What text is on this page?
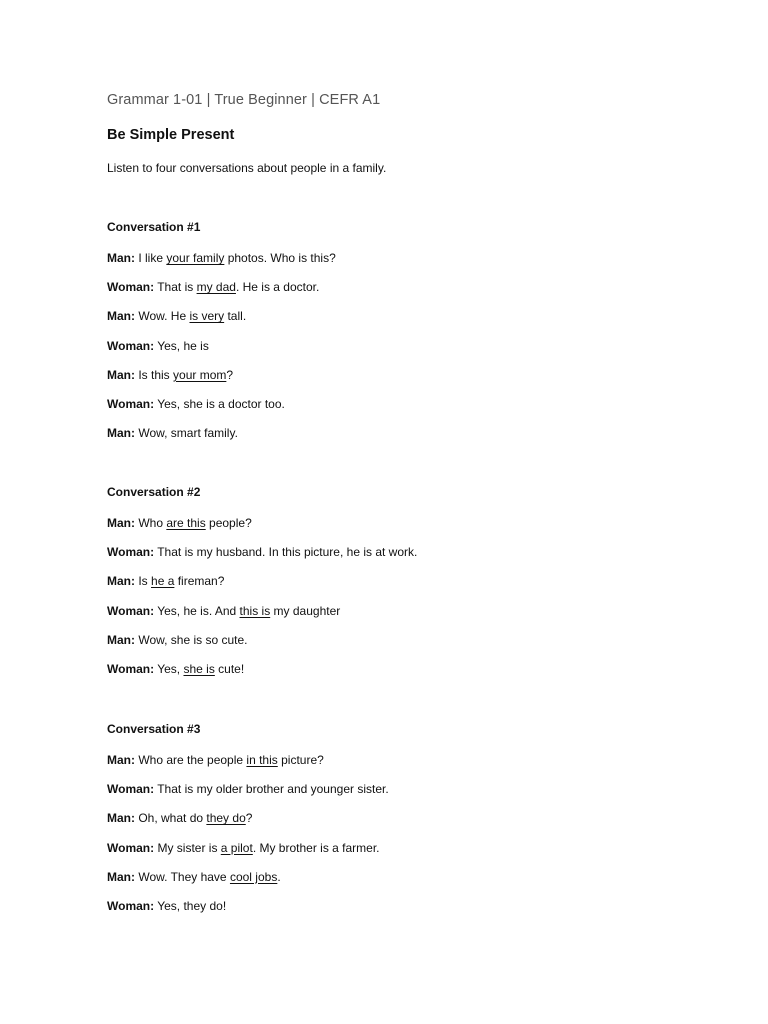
Grammar 1-01 | True Beginner | CEFR A1
Be Simple Present
Listen to four conversations about people in a family.
Conversation #1
Man: I like your family photos. Who is this?
Woman: That is my dad. He is a doctor.
Man: Wow. He is very tall.
Woman: Yes, he is
Man: Is this your mom?
Woman: Yes, she is a doctor too.
Man: Wow, smart family.
Conversation #2
Man: Who are this people?
Woman: That is my husband. In this picture, he is at work.
Man: Is he a fireman?
Woman: Yes, he is. And this is my daughter
Man: Wow, she is so cute.
Woman: Yes, she is cute!
Conversation #3
Man: Who are the people in this picture?
Woman: That is my older brother and younger sister.
Man: Oh, what do they do?
Woman: My sister is a pilot. My brother is a farmer.
Man: Wow. They have cool jobs.
Woman: Yes, they do!
